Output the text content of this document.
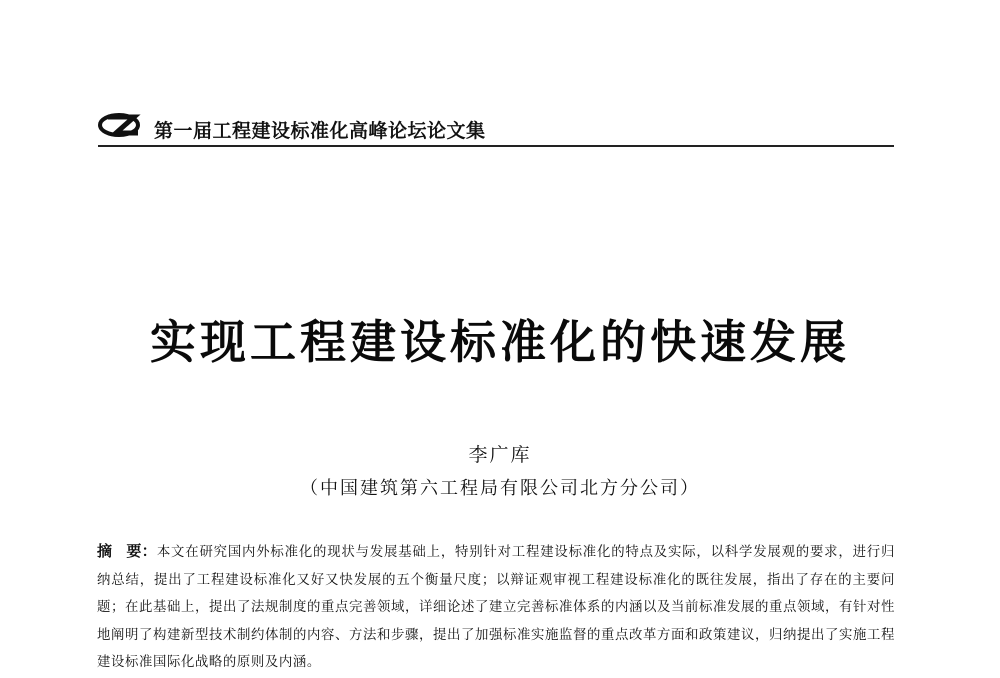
第一届工程建设标准化高峰论坛论文集
实现工程建设标准化的快速发展
李广库
（中国建筑第六工程局有限公司北方分公司）
摘 要：本文在研究国内外标准化的现状与发展基础上，特别针对工程建设标准化的特点及实际，以科学发展观的要求，进行归纳总结，提出了工程建设标准化又好又快发展的五个衡量尺度；以辩证观审视工程建设标准化的既往发展，指出了存在的主要问题；在此基础上，提出了法规制度的重点完善领域，详细论述了建立完善标准体系的内涵以及当前标准发展的重点领域，有针对性地阐明了构建新型技术制约体制的内容、方法和步骤，提出了加强标准实施监督的重点改革方面和政策建议，归纳提出了实施工程建设标准国际化战略的原则及内涵。
